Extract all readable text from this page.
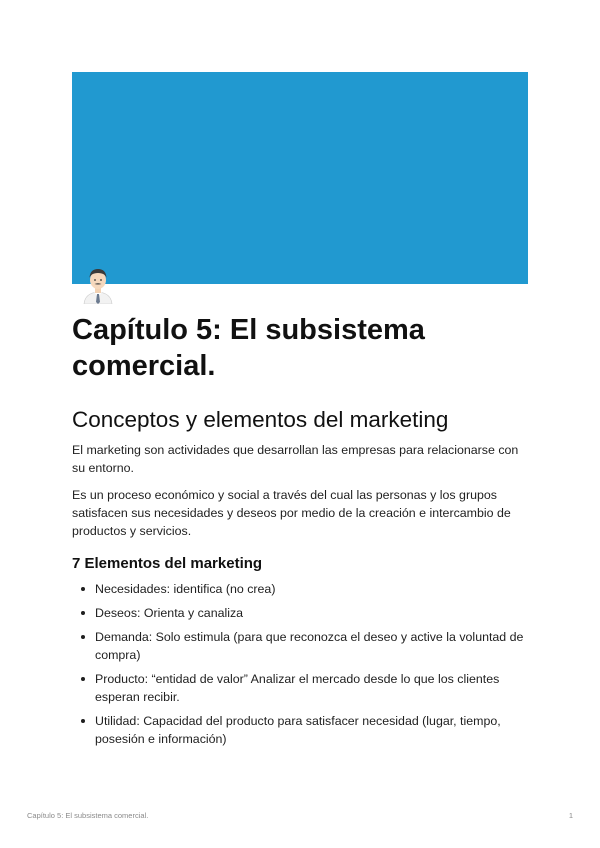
Capítulo 5: El subsistema comercial.
Conceptos y elementos del marketing

El marketing son actividades que desarrollan las empresas para relacionarse con su entorno.

Es un proceso económico y social a través del cual las personas y los grupos satisfacen sus necesidades y deseos por medio de la creación e intercambio de productos y servicios.

7 Elementos del marketing
Necesidades: identifica (no crea)
Deseos: Orienta y canaliza
Demanda: Solo estimula (para que reconozca el deseo y active la voluntad de compra)
Producto: “entidad de valor” Analizar el mercado desde lo que los clientes esperan recibir.
Utilidad: Capacidad del producto para satisfacer necesidad (lugar, tiempo, posesión e información)
Capítulo 5: El subsistema comercial.	1
